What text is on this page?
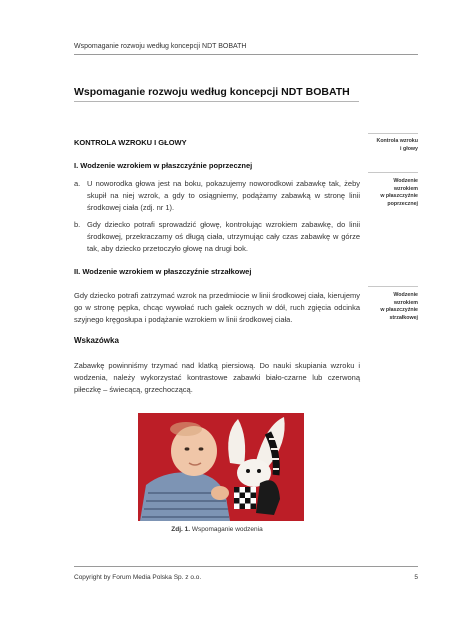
Wspomaganie rozwoju według koncepcji NDT BOBATH
Wspomaganie rozwoju według koncepcji NDT BOBATH
KONTROLA WZROKU I GŁOWY
I. Wodzenie wzrokiem w płaszczyźnie poprzecznej
a. U noworodka głowa jest na boku, pokazujemy noworodkowi zabawkę tak, żeby skupił na niej wzrok, a gdy to osiągniemy, podążamy zabawką w stronę linii środkowej ciała (zdj. nr 1).
b. Gdy dziecko potrafi sprowadzić głowę, kontrolując wzrokiem zabawkę, do linii środkowej, przekraczamy oś długą ciała, utrzymując cały czas zabawkę w górze tak, aby dziecko przetoczyło głowę na drugi bok.
II. Wodzenie wzrokiem w płaszczyźnie strzałkowej
Gdy dziecko potrafi zatrzymać wzrok na przedmiocie w linii środkowej ciała, kierujemy go w stronę pępka, chcąc wywołać ruch gałek ocznych w dół, ruch zgięcia odcinka szyjnego kręgosłupa i podążanie wzrokiem w linii środkowej ciała.
Wskazówka
Zabawkę powinniśmy trzymać nad klatką piersiową. Do nauki skupiania wzroku i wodzenia, należy wykorzystać kontrastowe zabawki biało-czarne lub czerwoną piłeczkę – świecącą, grzechoczącą.
Kontrola wzroku
i głowy
Wodzenie
wzrokiem
w płaszczyźnie
poprzecznej
Wodzenie
wzrokiem
w płaszczyźnie
strzałkowej
Zdj. 1. Wspomaganie wodzenia
Copyright by Forum Media Polska Sp. z o.o.	5
